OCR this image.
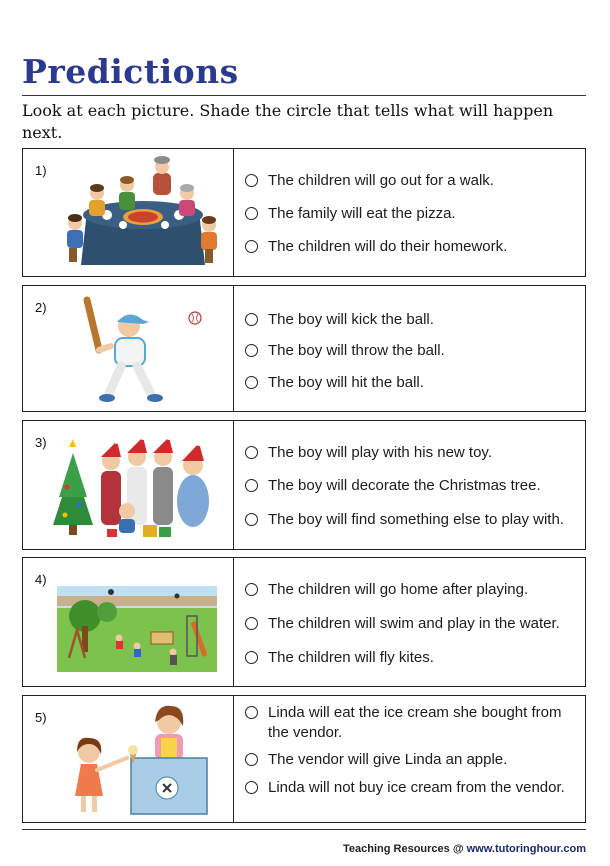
Predictions
Look at each picture. Shade the circle that tells what will happen next.
1)
The children will go out for a walk.
The family will eat the pizza.
The children will do their homework.
2)
The boy will kick the ball.
The boy will throw the ball.
The boy will hit the ball.
3)
The boy will play with his new toy.
The boy will decorate the Christmas tree.
The boy will find something else to play with.
4)
The children will go home after playing.
The children will swim and play in the water.
The children will fly kites.
5)	Linda will eat the ice cream she bought from the vendor.
The vendor will give Linda an apple.
Linda will not buy ice cream from the vendor.
Teaching Resources @ www.tutoringhour.com
